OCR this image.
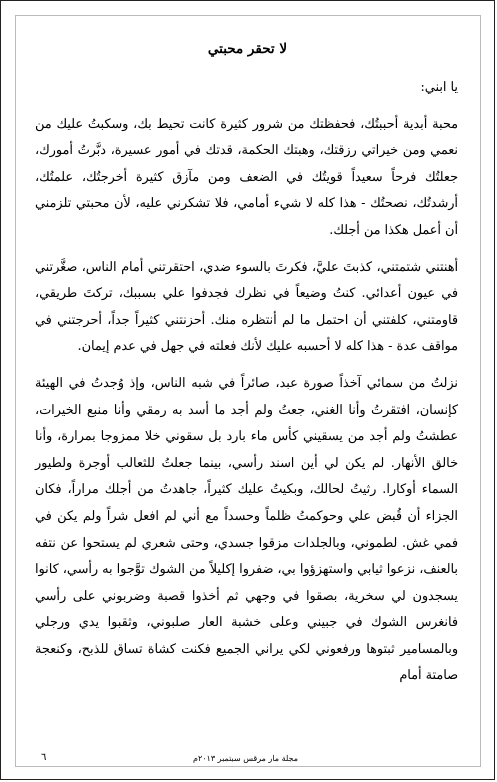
لا تحقر محبتي

يا ابني:

محبة أبدية أحببتُك، فحفظتك من شرور كثيرة كانت تحيط بك، وسكبتُ عليك من نعمي ومن خيراتي رزقتك، وهبتك الحكمة، قدتك في أمور عسيرة، دبَّرتُ أمورك، جعلتُك فرحاً سعيداً قويتُك في الضعف ومن مآزق كثيرة أخرجتُك، علمتُك، أرشدتُك، نصحتُك - هذا كله لا شيء أمامي، فلا تشكرني عليه، لأن محبتي تلزمني أن أعمل هكذا من أجلك.

أهنتني شتمتني، كذبتَ عليَّ، فكرتَ بالسوء ضدي، احتقرتني أمام الناس، صغَّرتني في عيون أعدائي. كنتُ وضيعاً في نظرك فجدفوا علي بسببك، تركتَ طريقي، قاومتني، كلفتني أن احتمل ما لم أنتظره منك. أحزنتني كثيراً جداً، أحرجتني في مواقف عدة - هذا كله لا أحسبه عليك لأنك فعلته في جهل في عدم إيمان.

نزلتُ من سمائي آخذاً صورة عبد، صائراً في شبه الناس، وإذ وُجدتُ في الهيئة كإنسان، افتقرتُ وأنا الغني، جعتُ ولم أجد ما أسد به رمقي وأنا منبع الخيرات، عطشتُ ولم أجد من يسقيني كأس ماء بارد بل سقوني خلا ممزوجا بمرارة، وأنا خالق الأنهار. لم يكن لي أين اسند رأسي، بينما جعلتُ للثعالب أوجرة ولطيور السماء أوكارا. رثيتُ لحالك، وبكيتُ عليك كثيراً، جاهدتُ من أجلك مراراً، فكان الجزاء أن قُبض علي وحوكمتُ ظلماً وحسداً مع أني لم افعل شراً ولم يكن في فمي غش. لطموني، وبالجلدات مزقوا جسدي، وحتى شعري لم يستحوا عن نتفه بالعنف، نزعوا ثيابي واستهزؤوا بي، ضفروا إكليلاً من الشوك توَّجوا به رأسي، كانوا يسجدون لي سخرية، بصقوا في وجهي ثم أخذوا قصبة وضربوني على رأسي فانغرس الشوك في جبيني وعلى خشبة العار صلبوني، وثقبوا يدي ورجلي وبالمسامير ثبتوها ورفعوني لكي يراني الجميع فكنت كشاة تساق للذبح، وكنعجة صامتة أمام

مجلة مار مرقس سبتمبر ٢٠١٣م
٦
